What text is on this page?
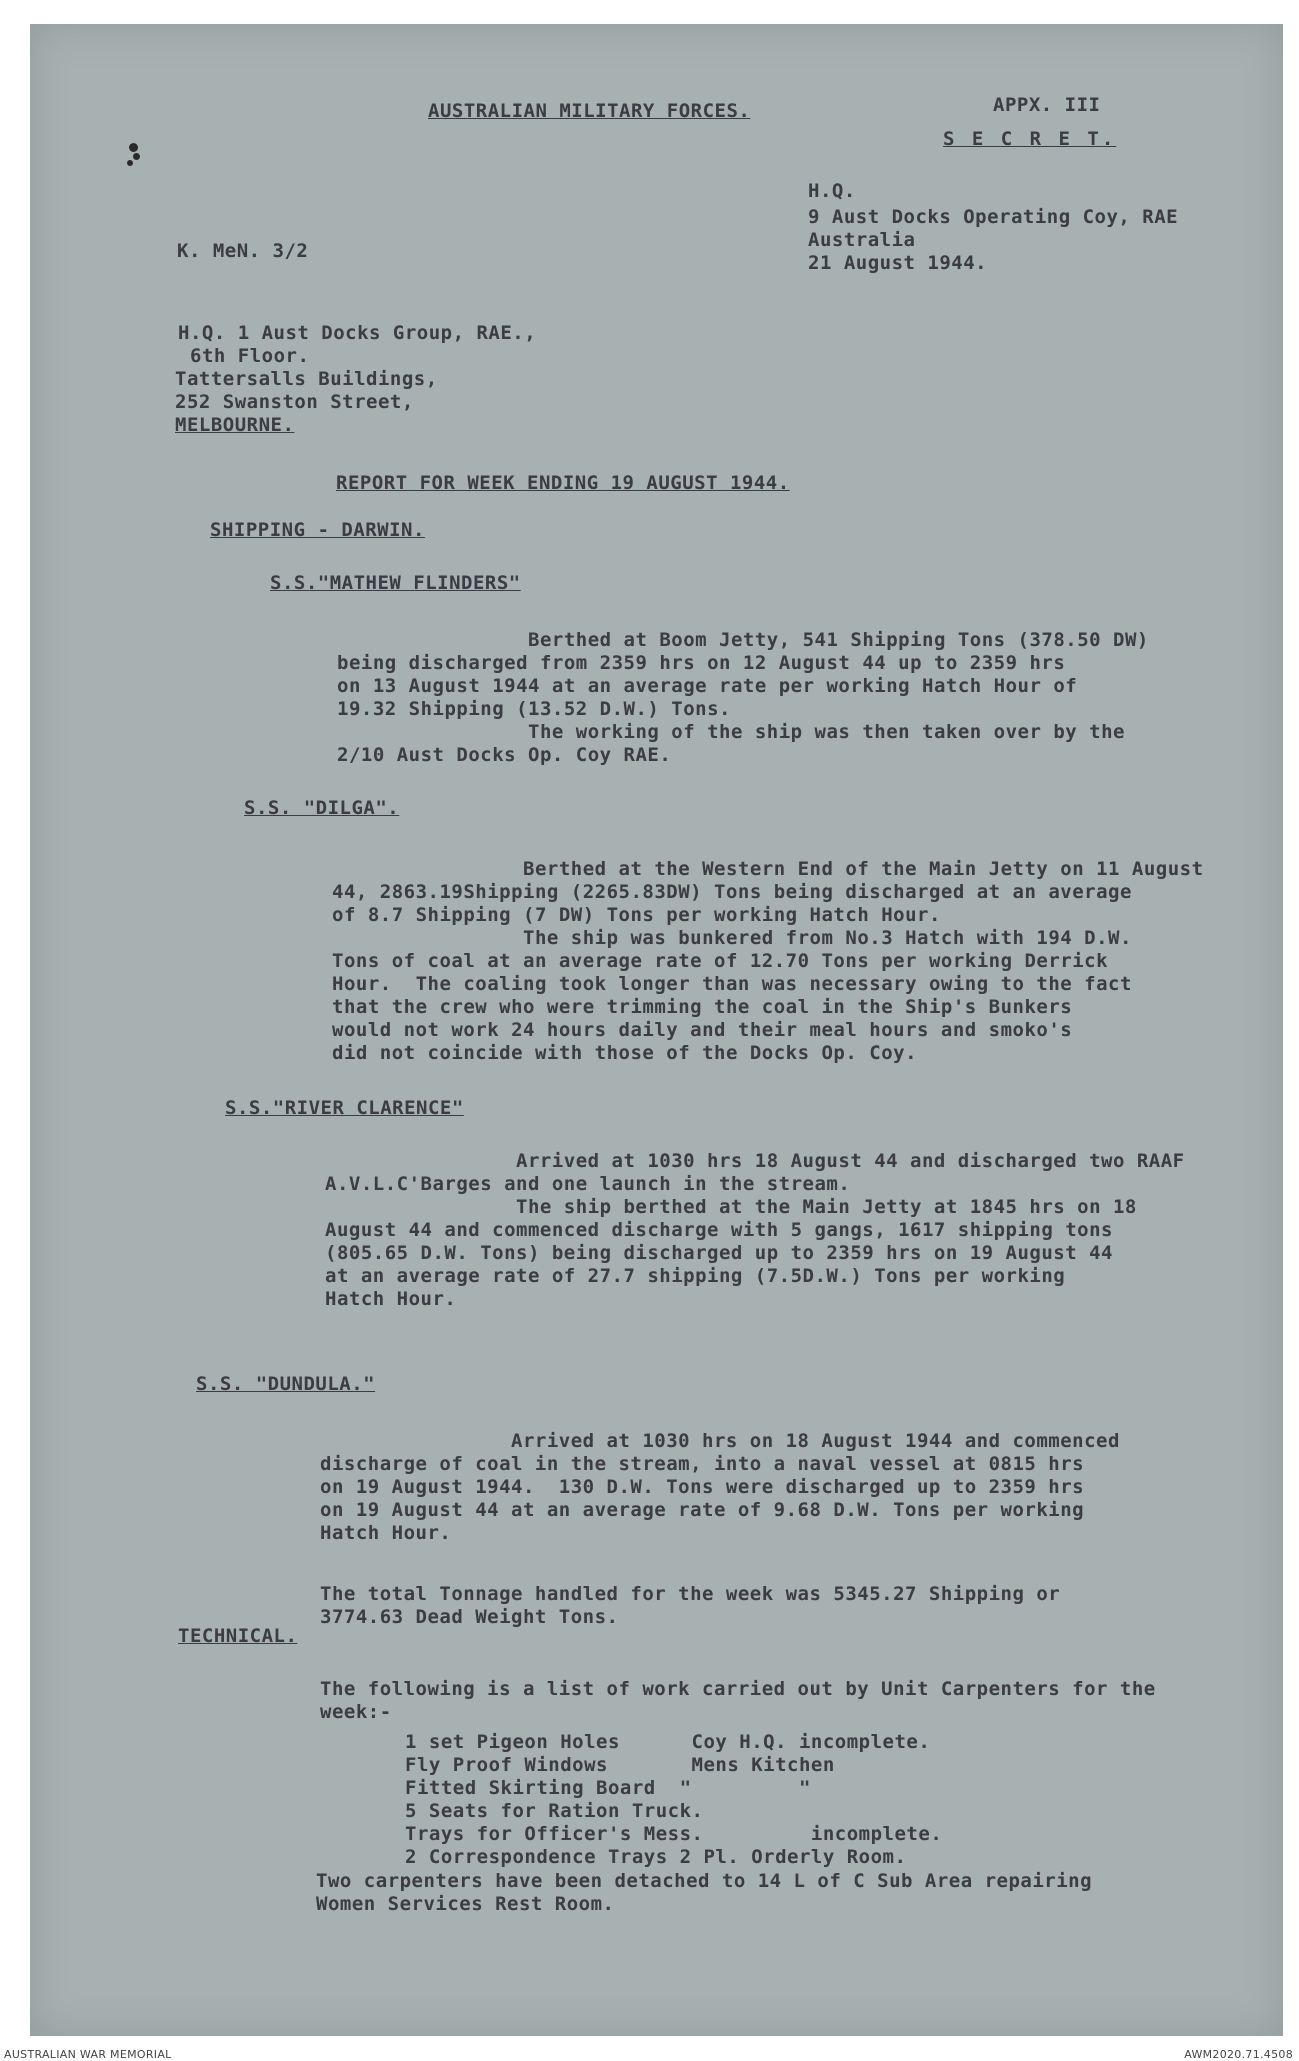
AUSTRALIAN MILITARY FORCES.	APPX. III
S E C R E T.
H.Q.
9 Aust Docks Operating Coy, RAE
Australia
21 August 1944.
K. MeN. 3/2
H.Q. 1 Aust Docks Group, RAE.,
6th Floor.
Tattersalls Buildings,
252 Swanston Street,
MELBOURNE.
REPORT FOR WEEK ENDING 19 AUGUST 1944.
SHIPPING - DARWIN.
S.S."MATHEW FLINDERS"
Berthed at Boom Jetty, 541 Shipping Tons (378.50 DW)
being discharged from 2359 hrs on 12 August 44 up to 2359 hrs
on 13 August 1944 at an average rate per working Hatch Hour of
19.32 Shipping (13.52 D.W.) Tons.
The working of the ship was then taken over by the
2/10 Aust Docks Op. Coy RAE.
S.S. "DILGA".
Berthed at the Western End of the Main Jetty on 11 August
44, 2863.19Shipping (2265.83DW) Tons being discharged at an average
of 8.7 Shipping (7 DW) Tons per working Hatch Hour.
The ship was bunkered from No.3 Hatch with 194 D.W.
Tons of coal at an average rate of 12.70 Tons per working Derrick
Hour.  The coaling took longer than was necessary owing to the fact
that the crew who were trimming the coal in the Ship's Bunkers
would not work 24 hours daily and their meal hours and smoko's
did not coincide with those of the Docks Op. Coy.
S.S."RIVER CLARENCE"
Arrived at 1030 hrs 18 August 44 and discharged two RAAF
A.V.L.C'Barges and one launch in the stream.
The ship berthed at the Main Jetty at 1845 hrs on 18
August 44 and commenced discharge with 5 gangs, 1617 shipping tons
(805.65 D.W. Tons) being discharged up to 2359 hrs on 19 August 44
at an average rate of 27.7 shipping (7.5D.W.) Tons per working
Hatch Hour.
S.S. "DUNDULA."
Arrived at 1030 hrs on 18 August 1944 and commenced
discharge of coal in the stream, into a naval vessel at 0815 hrs
on 19 August 1944.  130 D.W. Tons were discharged up to 2359 hrs
on 19 August 44 at an average rate of 9.68 D.W. Tons per working
Hatch Hour.
The total Tonnage handled for the week was 5345.27 Shipping or
3774.63 Dead Weight Tons.
TECHNICAL.
The following is a list of work carried out by Unit Carpenters for the
week:-
1 set Pigeon Holes      Coy H.Q. incomplete.
Fly Proof Windows       Mens Kitchen
Fitted Skirting Board  "         "
5 Seats for Ration Truck.
Trays for Officer's Mess.         incomplete.
2 Correspondence Trays 2 Pl. Orderly Room.
Two carpenters have been detached to 14 L of C Sub Area repairing
Women Services Rest Room.
AUSTRALIAN WAR MEMORIAL	AWM2020.71.4508
